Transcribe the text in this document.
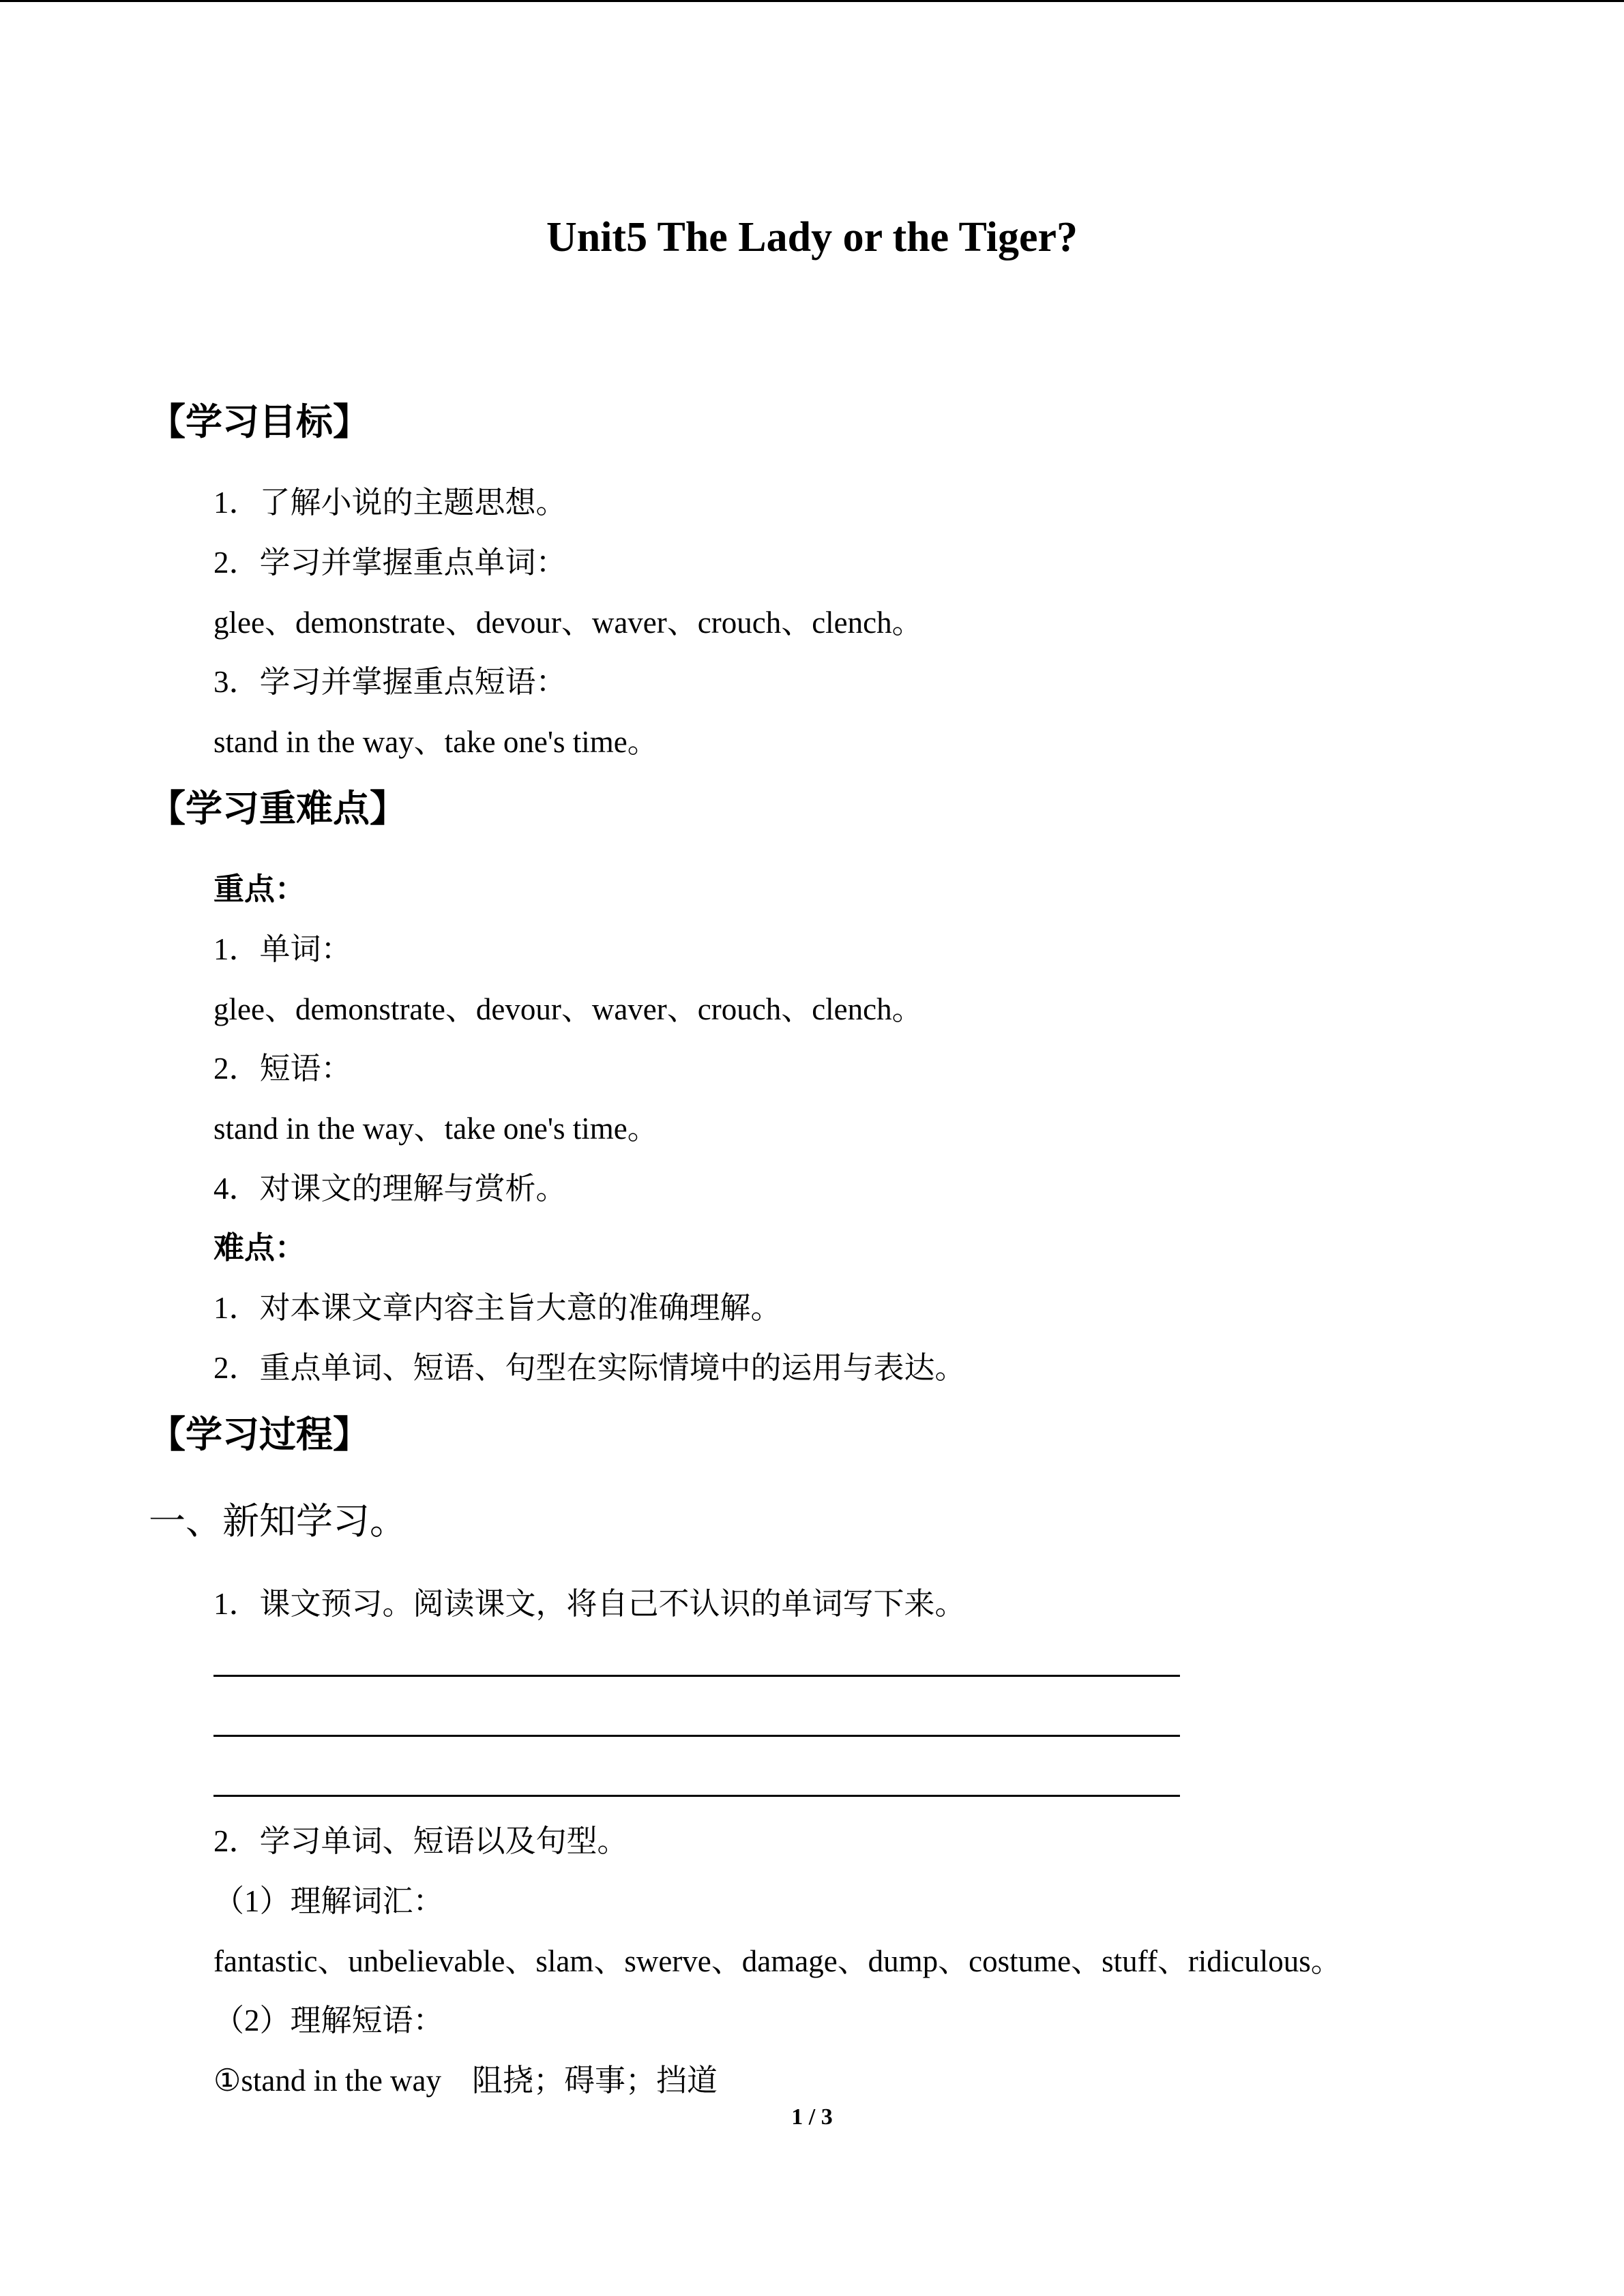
Unit5 The Lady or the Tiger?
【学习目标】
1．了解小说的主题思想。
2．学习并掌握重点单词：
glee、demonstrate、devour、waver、crouch、clench。
3．学习并掌握重点短语：
stand in the way、take one's time。
【学习重难点】
重点：
1．单词：
glee、demonstrate、devour、waver、crouch、clench。
2．短语：
stand in the way、take one's time。
4．对课文的理解与赏析。
难点：
1．对本课文章内容主旨大意的准确理解。
2．重点单词、短语、句型在实际情境中的运用与表达。
【学习过程】
一、新知学习。
1．课文预习。阅读课文，将自己不认识的单词写下来。
2．学习单词、短语以及句型。
（1）理解词汇：
fantastic、unbelievable、slam、swerve、damage、dump、costume、stuff、ridiculous。
（2）理解短语：
①stand in the way　阻挠；碍事；挡道
1 / 3
